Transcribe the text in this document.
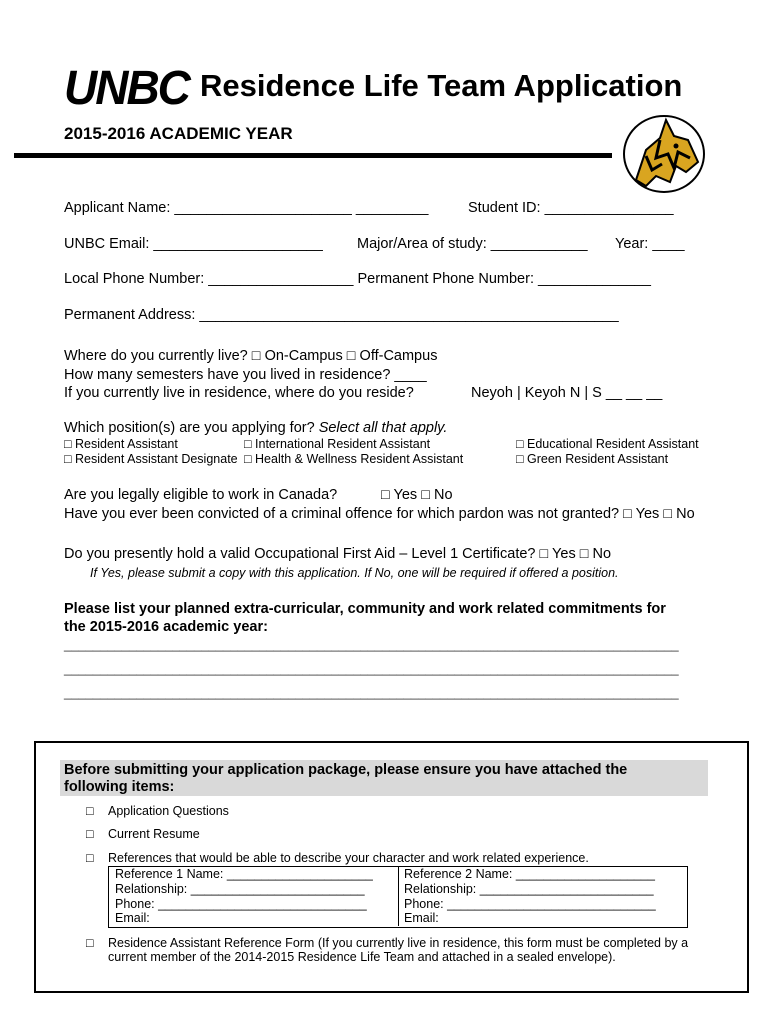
UNBC Residence Life Team Application
2015-2016 ACADEMIC YEAR
Applicant Name: ______________________ _________	Student ID: ________________
UNBC Email: _____________________ Major/Area of study: ____________ Year: ____
Local Phone Number: __________________ Permanent Phone Number: ______________
Permanent Address: ____________________________________________________
Where do you currently live? □ On-Campus □ Off-Campus
How many semesters have you lived in residence? ____
If you currently live in residence, where do you reside?	Neyoh | Keyoh N | S __ __ __
Which position(s) are you applying for? Select all that apply.
□ Resident Assistant	□ International Resident Assistant	□ Educational Resident Assistant
□ Resident Assistant Designate □ Health & Wellness Resident Assistant	□ Green Resident Assistant
Are you legally eligible to work in Canada?	□ Yes □ No
Have you ever been convicted of a criminal offence for which pardon was not granted? □ Yes □ No
Do you presently hold a valid Occupational First Aid – Level 1 Certificate? □ Yes □ No
If Yes, please submit a copy with this application. If No, one will be required if offered a position.
Please list your planned extra-curricular, community and work related commitments for
the 2015-2016 academic year:
_____________________________________________________________________________________
_____________________________________________________________________________________
_____________________________________________________________________________________
Before submitting your application package, please ensure you have attached the
following items:
□ Application Questions
□ Current Resume
□ References that would be able to describe your character and work related experience.
Reference 1 Name: _____________________
Relationship: _________________________
Phone: ______________________________
Email:
Reference 2 Name: ____________________
Relationship: _________________________
Phone: ______________________________
Email:
□ Residence Assistant Reference Form (If you currently live in residence, this form must be completed by a
current member of the 2014-2015 Residence Life Team and attached in a sealed envelope).
